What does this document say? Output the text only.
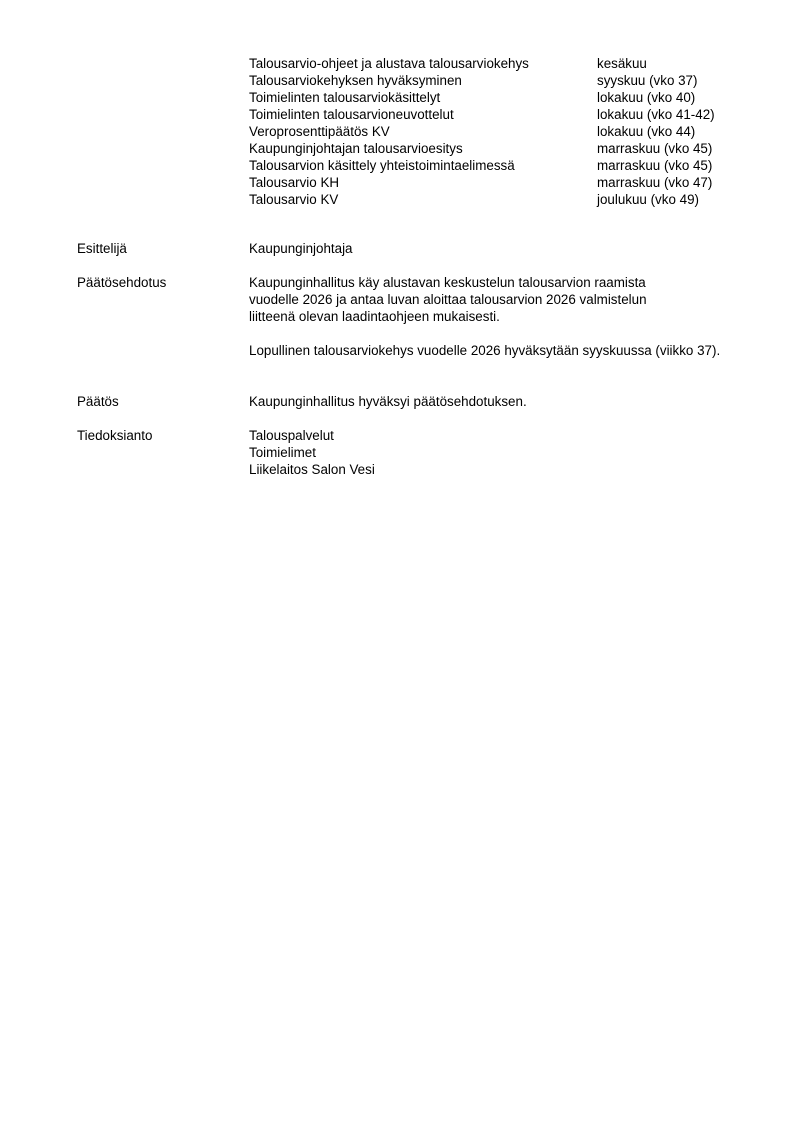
Talousarvio-ohjeet ja alustava talousarviokehys	kesäkuu
Talousarviokehyksen hyväksyminen	syyskuu (vko 37)
Toimielinten talousarviokäsittelyt	lokakuu (vko 40)
Toimielinten talousarvioneuvottelut	lokakuu (vko 41-42)
Veroprosenttipäätös KV	lokakuu (vko 44)
Kaupunginjohtajan talousarvioesitys	marraskuu (vko 45)
Talousarvion käsittely yhteistoimintaelimessä	marraskuu (vko 45)
Talousarvio KH	marraskuu (vko 47)
Talousarvio KV	joulukuu (vko 49)
Esittelijä	Kaupunginjohtaja
Päätösehdotus	Kaupunginhallitus käy alustavan keskustelun talousarvion raamista
vuodelle 2026 ja antaa luvan aloittaa talousarvion 2026 valmistelun
liitteenä olevan laadintaohjeen mukaisesti.

Lopullinen talousarviokehys vuodelle 2026 hyväksytään syyskuussa (viikko 37).

Päätös	Kaupunginhallitus hyväksyi päätösehdotuksen.
Tiedoksianto	Talouspalvelut
Toimielimet
Liikelaitos Salon Vesi
